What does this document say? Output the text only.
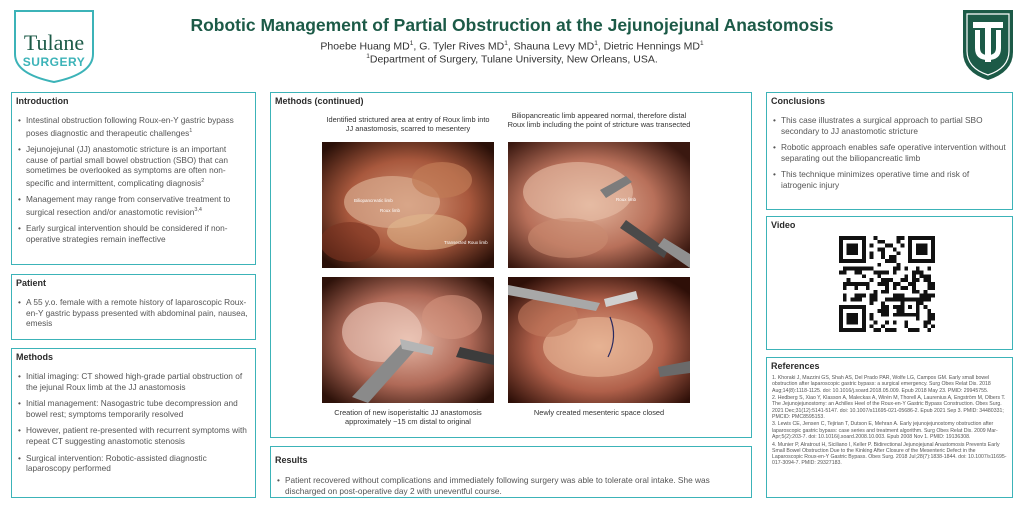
Tulane
SURGERY
Robotic Management of Partial Obstruction at the Jejunojejunal Anastomosis
Phoebe Huang $MD^1$, G. Tyler Rives $MD^1$, Shauna Levy $MD^1$, Dietric Hennings $MD^1$
$^1$Department of Surgery, Tulane University, New Orleans, USA.
Introduction
• Intestinal obstruction following Roux-en-Y gastric bypass poses diagnostic and therapeutic challenges$^1$
• Jejunojejunal (JJ) anastomotic stricture is an important cause of partial small bowel obstruction (SBO) that can sometimes be overlooked as symptoms are often non-specific and intermittent, complicating diagnosis$^2$
• Management may range from conservative treatment to surgical resection and/or anastomotic revision$^{3,4}$
• Early surgical intervention should be considered if non-operative strategies remain ineffective
Patient
• A 55 y.o. female with a remote history of laparoscopic Roux-en-Y gastric bypass presented with abdominal pain, nausea, emesis
Methods
• Initial imaging: CT showed high-grade partial obstruction of the jejunal Roux limb at the JJ anastomosis
• Initial management: Nasogastric tube decompression and bowel rest; symptoms temporarily resolved
• However, patient re-presented with recurrent symptoms with repeat CT suggesting anastomotic stenosis
• Surgical intervention: Robotic-assisted diagnostic laparoscopy performed
Methods (continued)
Identified strictured area at entry of Roux limb into JJ anastomosis, scarred to mesentery
Biliopancreatic limb appeared normal, therefore distal Roux limb including the point of stricture was transected
Biliopancreatic limb
Roux limb
Transected Roux limb
Roux limb
Creation of new isoperistaltic JJ anastomosis approximately ~15 cm distal to original
Newly created mesenteric space closed
Results
• Patient recovered without complications and immediately following surgery was able to tolerate oral intake. She was discharged on post-operative day 2 with uneventful course.
Conclusions
• This case illustrates a surgical approach to partial SBO secondary to JJ anastomotic stricture
• Robotic approach enables safe operative intervention without separating out the biliopancreatic limb
• This technique minimizes operative time and risk of iatrogenic injury
Video
References
1. Khoraki J, Mazzini GS, Shah AS, Del Prado PAR, Wolfe LG, Campos GM. Early small bowel obstruction after laparoscopic gastric bypass: a surgical emergency. Surg Obes Relat Dis. 2018 Aug;14(8):1118-1125. doi: 10.1016/j.soard.2018.05.009. Epub 2018 May 23. PMID: 29945755.
2. Hedberg S, Xiao Y, Klasson A, Maleckas A, Wirén M, Thorell A, Laurenius A, Engström M, Olbers T. The Jejunojejunostomy: an Achilles Heel of the Roux-en-Y Gastric Bypass Construction. Obes Surg. 2021 Dec;31(12):5141-5147. doi: 10.1007/s11695-021-05686-2. Epub 2021 Sep 3. PMID: 34480331; PMCID: PMC8595153.
3. Lewis CE, Jensen C, Tejirian T, Dutson E, Mehran A. Early jejunojejunostomy obstruction after laparoscopic gastric bypass: case series and treatment algorithm. Surg Obes Relat Dis. 2009 Mar-Apr;5(2):203-7. doi: 10.1016/j.soard.2008.10.003. Epub 2008 Nov 1. PMID: 19136308.
4. Munier P, Alratrout H, Siciliano I, Keller P. Bidirectional Jejunojejunal Anastomosis Prevents Early Small Bowel Obstruction Due to the Kinking After Closure of the Mesenteric Defect in the Laparoscopic Roux-en-Y Gastric Bypass. Obes Surg. 2018 Jul;28(7):1838-1844. doi: 10.1007/s11695-017-3094-7. PMID: 29327183.
